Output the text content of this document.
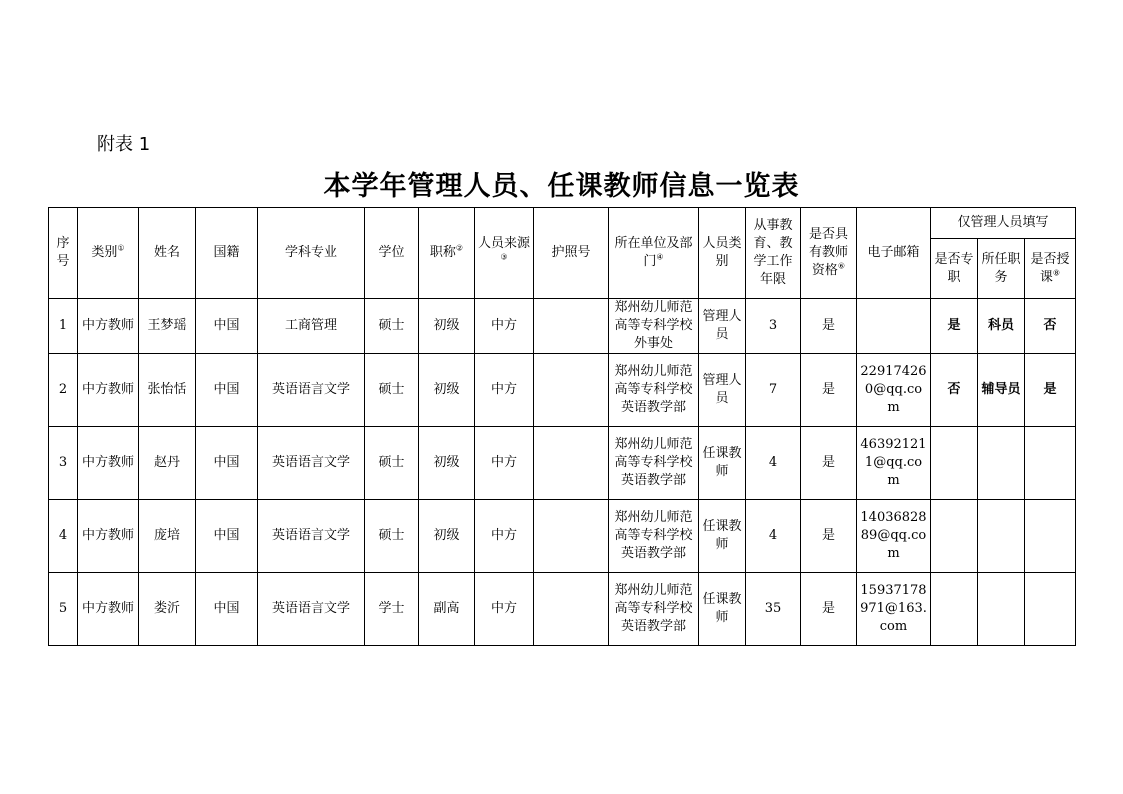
附表 1
本学年管理人员、任课教师信息一览表
序号	类别①	姓名	国籍	学科专业	学位	职称②	人员来源③	护照号	所在单位及部门④	人员类别	从事教育、教学工作年限	是否具有教师资格⑥	电子邮箱	仅管理人员填写		
														是否专职	所任职务	是否授课⑧
1	中方教师	王梦瑶	中国	工商管理	硕士	初级	中方		郑州幼儿师范高等专科学校外事处	管理人员	3	是		是	科员	否
2	中方教师	张怡恬	中国	英语语言文学	硕士	初级	中方		郑州幼儿师范高等专科学校英语教学部	管理人员	7	是	229174260@qq.com	否	辅导员	是
3	中方教师	赵丹	中国	英语语言文学	硕士	初级	中方		郑州幼儿师范高等专科学校英语教学部	任课教师	4	是	463921211@qq.com			
4	中方教师	庞培	中国	英语语言文学	硕士	初级	中方		郑州幼儿师范高等专科学校英语教学部	任课教师	4	是	1403682889@qq.com			
5	中方教师	娄沂	中国	英语语言文学	学士	副高	中方		郑州幼儿师范高等专科学校英语教学部	任课教师	35	是	15937178971@163.com			
